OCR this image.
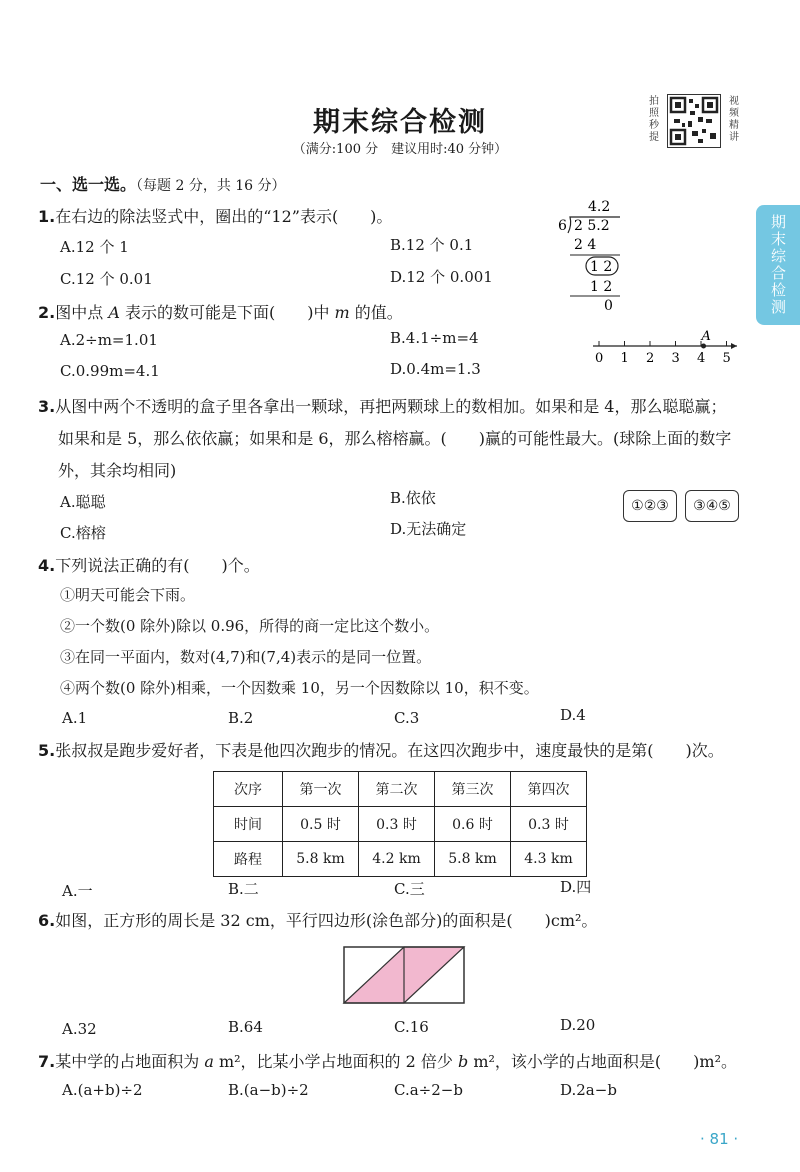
期末综合检测
（满分:100 分　建议用时:40 分钟）
拍照秒提
视频精讲
期末综合检测
一、选一选。（每题 2 分，共 16 分）
1.在右边的除法竖式中，圈出的“12”表示(　　)。
A.12 个 1	B.12 个 0.1
C.12 个 0.01	D.12 个 0.001
4.2
6 2 5.2
2 4
1 2
1 2
0
2.图中点 A 表示的数可能是下面(　　)中 m 的值。
A.2÷m=1.01	B.4.1÷m=4
C.0.99m=4.1	D.0.4m=1.3
0 1 2 3 4 5
A
3.从图中两个不透明的盒子里各拿出一颗球，再把两颗球上的数相加。如果和是 4，那么聪聪赢；
如果和是 5，那么依依赢；如果和是 6，那么榕榕赢。(　　)赢的可能性最大。(球除上面的数字
外，其余均相同)
A.聪聪	B.依依
C.榕榕	D.无法确定
①②③	③④⑤
4.下列说法正确的有(　　)个。
①明天可能会下雨。
②一个数(0 除外)除以 0.96，所得的商一定比这个数小。
③在同一平面内，数对(4,7)和(7,4)表示的是同一位置。
④两个数(0 除外)相乘，一个因数乘 10，另一个因数除以 10，积不变。
A.1	B.2	C.3	D.4
5.张叔叔是跑步爱好者，下表是他四次跑步的情况。在这四次跑步中，速度最快的是第(　　)次。
次序	第一次	第二次	第三次	第四次
时间	0.5 时	0.3 时	0.6 时	0.3 时
路程	5.8 km	4.2 km	5.8 km	4.3 km
A.一	B.二	C.三	D.四
6.如图，正方形的周长是 32 cm，平行四边形(涂色部分)的面积是(　　)cm²。
A.32	B.64	C.16	D.20
7.某中学的占地面积为 a m²，比某小学占地面积的 2 倍少 b m²，该小学的占地面积是(　　)m²。
A.(a+b)÷2	B.(a−b)÷2	C.a÷2−b	D.2a−b
· 81 ·
